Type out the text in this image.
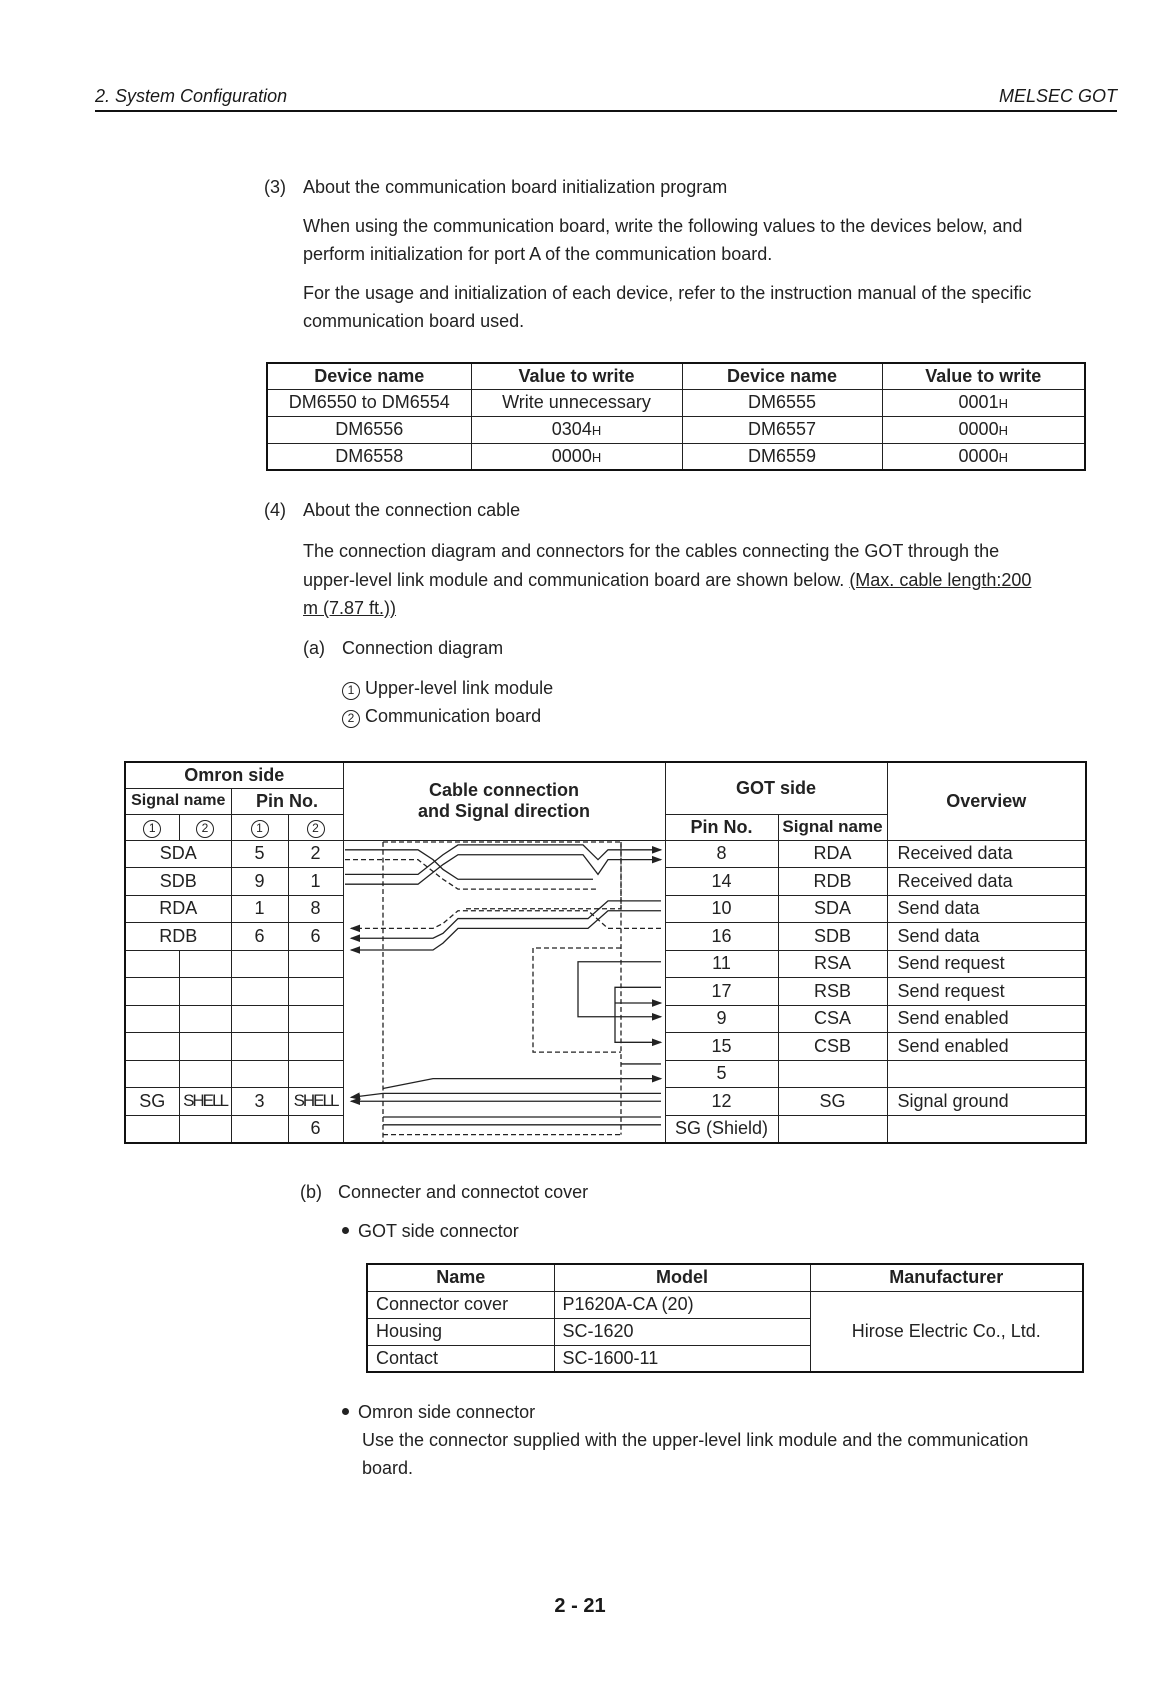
2. System Configuration	MELSEC GOT
(3) About the communication board initialization program
When using the communication board, write the following values to the devices below, and
perform initialization for port A of the communication board.
For the usage and initialization of each device, refer to the instruction manual of the specific
communication board used.
Device name	Value to write	Device name	Value to write
DM6550 to DM6554	Write unnecessary	DM6555	0001H
DM6556	0304H	DM6557	0000H
DM6558	0000H	DM6559	0000H
(4) About the connection cable
The connection diagram and connectors for the cables connecting the GOT through the
upper-level link module and communication board are shown below. (Max. cable length:200
m (7.87 ft.))
(a) Connection diagram
1 Upper-level link module
2 Communication board
Omron side				Cable connection
and Signal direction	GOT side		Overview
Signal name		Pin No.					
1	2	1	2		Pin No.	Signal name	
SDA		5	2		8	RDA	Received data
SDB		9	1		14	RDB	Received data
RDA		1	8		10	SDA	Send data
RDB		6	6		16	SDB	Send data
					11	RSA	Send request
					17	RSB	Send request
					9	CSA	Send enabled
					15	CSB	Send enabled
					5		
SG	SHELL	3	SHELL		12	SG	Signal ground
			6		SG (Shield)		
(b) Connecter and connectot cover
GOT side connector
Name	Model	Manufacturer
Connector cover	P1620A-CA (20)	Hirose Electric Co., Ltd.
Housing	SC-1620	
Contact	SC-1600-11	
Omron side connector
Use the connector supplied with the upper-level link module and the communication
board.
2 - 21
